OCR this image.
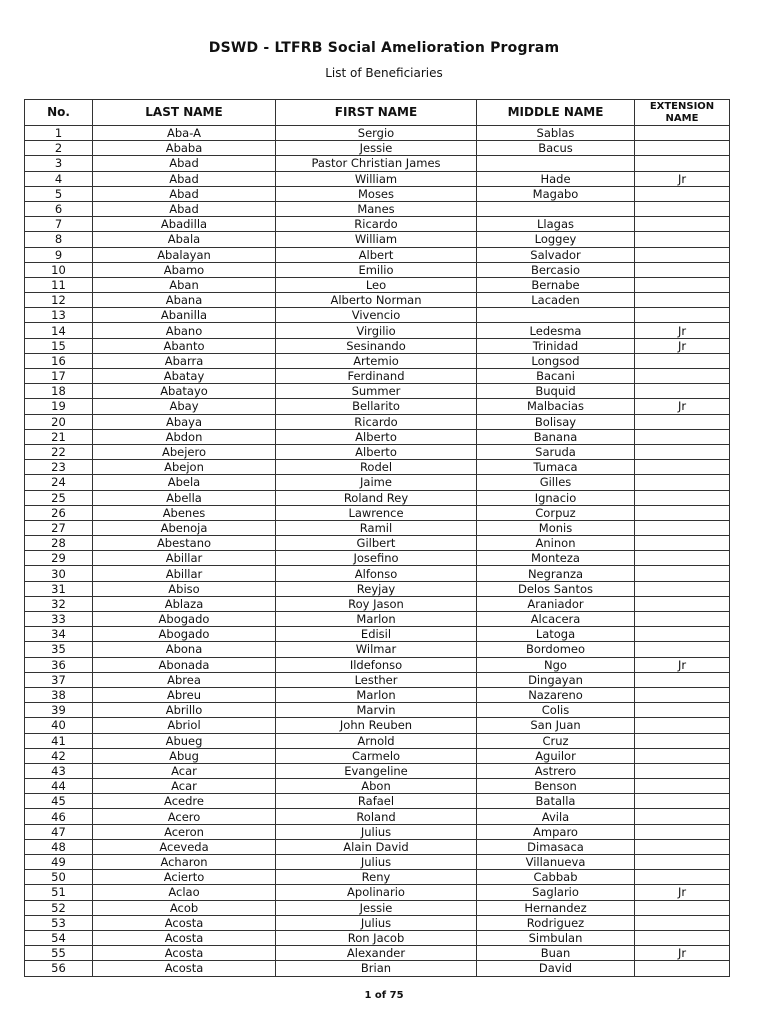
DSWD - LTFRB Social Amelioration Program
List of Beneficiaries
No.	LAST NAME	FIRST NAME	MIDDLE NAME	EXTENSION NAME
1	Aba-A	Sergio	Sablas	
2	Ababa	Jessie	Bacus	
3	Abad	Pastor Christian James		
4	Abad	William	Hade	Jr
5	Abad	Moses	Magabo	
6	Abad	Manes		
7	Abadilla	Ricardo	Llagas	
8	Abala	William	Loggey	
9	Abalayan	Albert	Salvador	
10	Abamo	Emilio	Bercasio	
11	Aban	Leo	Bernabe	
12	Abana	Alberto Norman	Lacaden	
13	Abanilla	Vivencio		
14	Abano	Virgilio	Ledesma	Jr
15	Abanto	Sesinando	Trinidad	Jr
16	Abarra	Artemio	Longsod	
17	Abatay	Ferdinand	Bacani	
18	Abatayo	Summer	Buquid	
19	Abay	Bellarito	Malbacias	Jr
20	Abaya	Ricardo	Bolisay	
21	Abdon	Alberto	Banana	
22	Abejero	Alberto	Saruda	
23	Abejon	Rodel	Tumaca	
24	Abela	Jaime	Gilles	
25	Abella	Roland Rey	Ignacio	
26	Abenes	Lawrence	Corpuz	
27	Abenoja	Ramil	Monis	
28	Abestano	Gilbert	Aninon	
29	Abillar	Josefino	Monteza	
30	Abillar	Alfonso	Negranza	
31	Abiso	Reyjay	Delos Santos	
32	Ablaza	Roy Jason	Araniador	
33	Abogado	Marlon	Alcacera	
34	Abogado	Edisil	Latoga	
35	Abona	Wilmar	Bordomeo	
36	Abonada	Ildefonso	Ngo	Jr
37	Abrea	Lesther	Dingayan	
38	Abreu	Marlon	Nazareno	
39	Abrillo	Marvin	Colis	
40	Abriol	John Reuben	San Juan	
41	Abueg	Arnold	Cruz	
42	Abug	Carmelo	Aguilor	
43	Acar	Evangeline	Astrero	
44	Acar	Abon	Benson	
45	Acedre	Rafael	Batalla	
46	Acero	Roland	Avila	
47	Aceron	Julius	Amparo	
48	Aceveda	Alain David	Dimasaca	
49	Acharon	Julius	Villanueva	
50	Acierto	Reny	Cabbab	
51	Aclao	Apolinario	Saglario	Jr
52	Acob	Jessie	Hernandez	
53	Acosta	Julius	Rodriguez	
54	Acosta	Ron Jacob	Simbulan	
55	Acosta	Alexander	Buan	Jr
56	Acosta	Brian	David	
1 of 75
